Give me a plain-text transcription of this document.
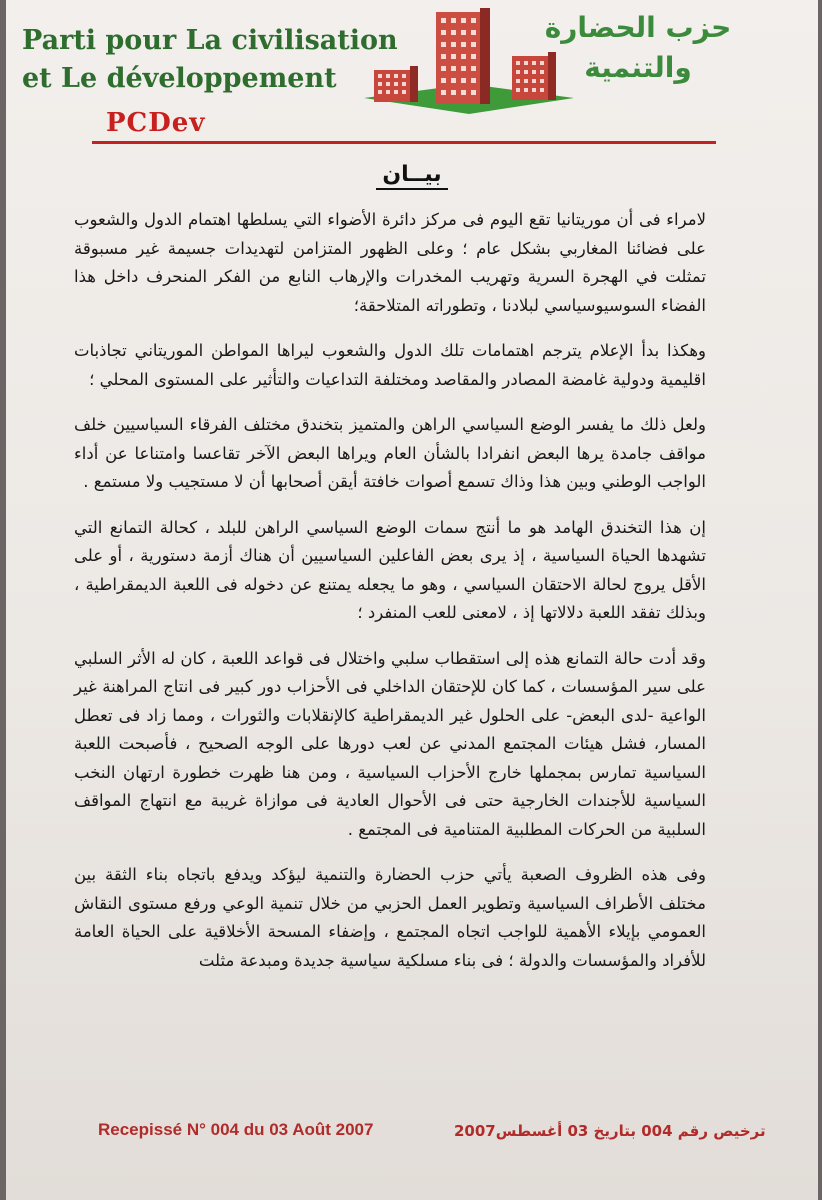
Parti pour La civilisation
et Le développement
حزب الحضارة
والتنمية
PCDev
بيــان

لامراء فى أن موريتانيا تقع اليوم فى مركز دائرة الأضواء التي يسلطها اهتمام الدول والشعوب على فضائنا المغاربي بشكل عام ؛ وعلى الظهور المتزامن لتهديدات جسيمة غير مسبوقة تمثلت في الهجرة السرية وتهريب المخدرات والإرهاب النابع من الفكر المنحرف داخل هذا الفضاء السوسيوسياسي لبلادنا ، وتطوراته المتلاحقة؛

وهكذا بدأ الإعلام يترجم اهتمامات تلك الدول والشعوب ليراها المواطن الموريتاني تجاذبات اقليمية ودولية غامضة المصادر والمقاصد ومختلفة التداعيات والتأثير على المستوى المحلي ؛

ولعل ذلك ما يفسر الوضع السياسي الراهن والمتميز بتخندق مختلف الفرقاء السياسيين خلف مواقف جامدة يرها البعض انفرادا بالشأن العام ويراها البعض الآخر تقاعسا وامتناعا عن أداء الواجب الوطني وبين هذا وذاك تسمع أصوات خافتة أيقن أصحابها أن لا مستجيب ولا مستمع .

إن هذا التخندق الهامد هو ما أنتج سمات الوضع السياسي الراهن للبلد ، كحالة التمانع التي تشهدها الحياة السياسية ، إذ يرى بعض الفاعلين السياسيين أن هناك أزمة دستورية ، أو على الأقل يروج لحالة الاحتقان السياسي ، وهو ما يجعله يمتنع عن دخوله فى اللعبة الديمقراطية ، وبذلك تفقد اللعبة دلالاتها إذ ، لامعنى للعب المنفرد ؛

وقد أدت حالة التمانع هذه إلى استقطاب سلبي واختلال فى قواعد اللعبة ، كان له الأثر السلبي على سير المؤسسات ، كما كان للإحتقان الداخلي فى الأحزاب دور كبير فى انتاج المراهنة غير الواعية -لدى البعض- على الحلول غير الديمقراطية كالإنقلابات والثورات ، ومما زاد فى تعطل المسار، فشل هيئات المجتمع المدني عن لعب دورها على الوجه الصحيح ، فأصبحت اللعبة السياسية تمارس بمجملها خارج الأحزاب السياسية ، ومن هنا ظهرت خطورة ارتهان النخب السياسية للأجندات الخارجية حتى فى الأحوال العادية فى موازاة غريبة مع انتهاج المواقف السلبية من الحركات المطلبية المتنامية فى المجتمع .

وفى هذه الظروف الصعبة يأتي حزب الحضارة والتنمية ليؤكد ويدفع باتجاه بناء الثقة بين مختلف الأطراف السياسية وتطوير العمل الحزبي من خلال تنمية الوعي ورفع مستوى النقاش العمومي بإيلاء الأهمية للواجب اتجاه المجتمع ، وإضفاء المسحة الأخلاقية على الحياة العامة للأفراد والمؤسسات والدولة ؛ فى بناء مسلكية سياسية جديدة ومبدعة مثلت

Recepissé N° 004 du 03 Août 2007	ترخيص رقم 004 بتاريخ 03 أغسطس2007
